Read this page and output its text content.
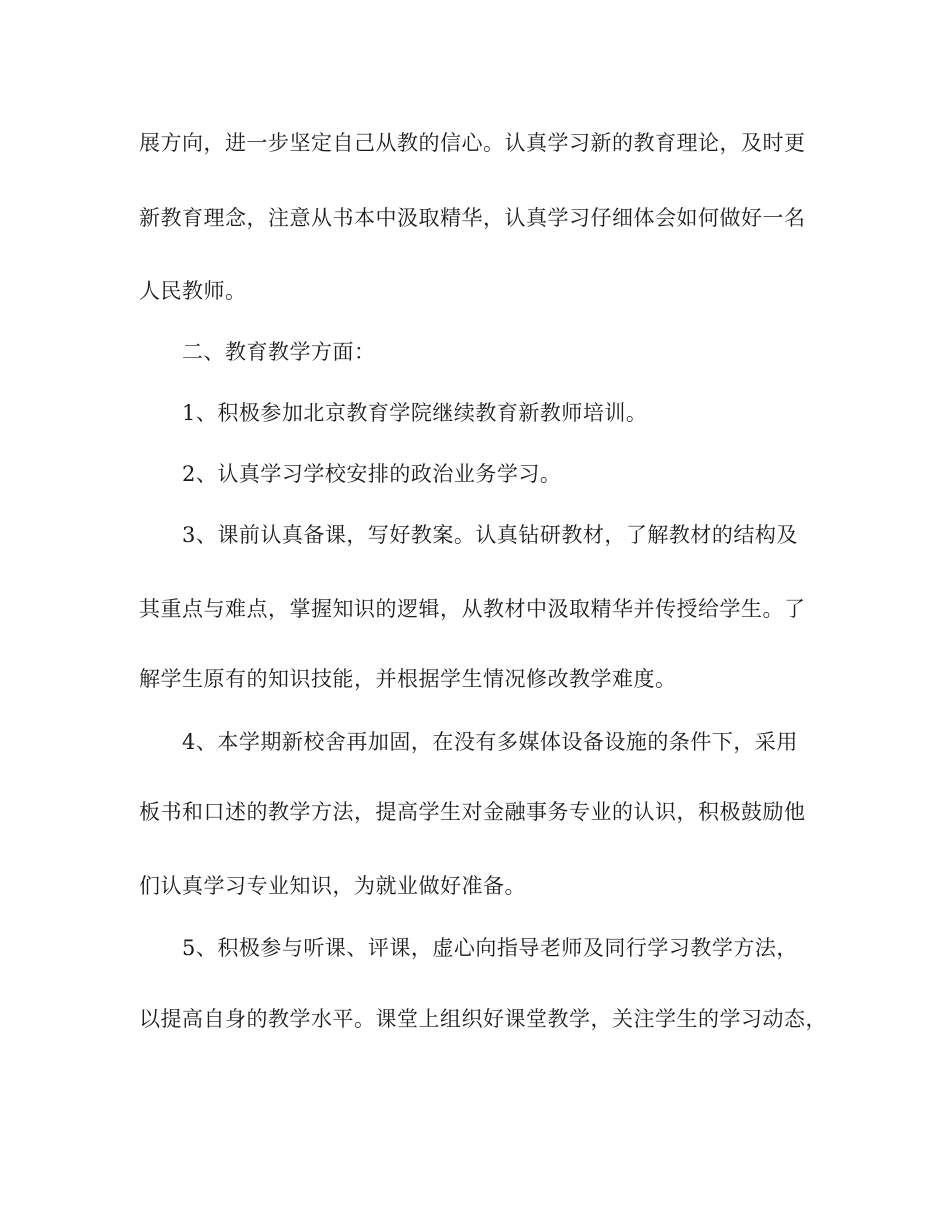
展方向，进一步坚定自己从教的信心。认真学习新的教育理论，及时更
新教育理念，注意从书本中汲取精华，认真学习仔细体会如何做好一名
人民教师。
二、教育教学方面：
1、积极参加北京教育学院继续教育新教师培训。
2、认真学习学校安排的政治业务学习。
3、课前认真备课，写好教案。认真钻研教材，了解教材的结构及
其重点与难点，掌握知识的逻辑，从教材中汲取精华并传授给学生。了
解学生原有的知识技能，并根据学生情况修改教学难度。
4、本学期新校舍再加固，在没有多媒体设备设施的条件下，采用
板书和口述的教学方法，提高学生对金融事务专业的认识，积极鼓励他
们认真学习专业知识，为就业做好准备。
5、积极参与听课、评课，虚心向指导老师及同行学习教学方法，
以提高自身的教学水平。课堂上组织好课堂教学，关注学生的学习动态，
